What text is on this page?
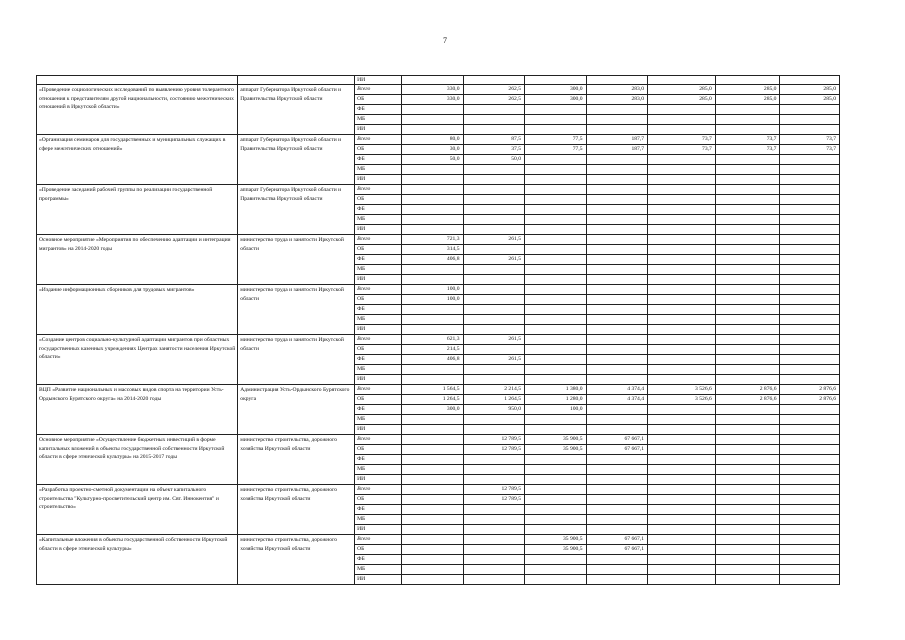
7
		ИИ							
«Проведение социологических исследований по выявлению уровня толерантного отношения к представителям другой национальности, состоянию межэтнических отношений в Иркутской области»	аппарат Губернатора Иркутской области и Правительства Иркутской области	Всего	330,0	262,5	300,0	283,0	285,0	285,0	285,0
		ОБ	330,0	262,5	300,0	283,0	285,0	285,0	285,0
		ФБ							
		МБ							
		ИИ							
«Организация семинаров для государственных и муниципальных служащих в сфере межэтнических отношений»	аппарат Губернатора Иркутской области и Правительства Иркутской области	Всего	80,0	87,5	77,5	187,7	73,7	73,7	73,7
		ОБ	30,0	37,5	77,5	187,7	73,7	73,7	73,7
		ФБ	50,0	50,0					
		МБ							
		ИИ							
«Проведение заседаний рабочей группы по реализации государственной программы»	аппарат Губернатора Иркутской области и Правительства Иркутской области	Всего							
		ОБ							
		ФБ							
		МБ							
		ИИ							
Основное мероприятие «Мероприятия по обеспечению адаптации и интеграции мигрантов» на 2014-2020 годы	министерство труда и занятости Иркутской области	Всего	721,3	261,5					
		ОБ	314,5						
		ФБ	406,8	261,5					
		МБ							
		ИИ							
«Издание информационных сборников для трудовых мигрантов»	министерство труда и занятости Иркутской области	Всего	100,0						
		ОБ	100,0						
		ФБ							
		МБ							
		ИИ							
«Создание центров социально-культурной адаптации мигрантов при областных государственных казенных учреждениях Центрах занятости населения Иркутской области»	министерство труда и занятости Иркутской области	Всего	621,3	261,5					
		ОБ	214,5						
		ФБ	406,8	261,5					
		МБ							
		ИИ							
ВЦП «Развитие национальных и массовых видов спорта на территории Усть-Ордынского Бурятского округа» на 2014-2020 годы	Администрация Усть-Ордынского Бурятского округа	Всего	1 564,5	2 214,5	1 380,0	4 374,4	3 526,6	2 876,6	2 876,6
		ОБ	1 264,5	1 264,5	1 280,0	4 374,4	3 526,6	2 876,6	2 876,6
		ФБ	300,0	950,0	100,0				
		МБ							
		ИИ							
Основное мероприятие «Осуществление бюджетных инвестиций в форме капитальных вложений в объекты государственной собственности Иркутской области в сфере этнической культуры» на 2015-2017 годы	министерство строительства, дорожного хозяйства Иркутской области	Всего		12 789,5	35 900,5	67 667,1			
		ОБ		12 789,5	35 900,5	67 667,1			
		ФБ							
		МБ							
		ИИ							
«Разработка проектно-сметной документации на объект капитального строительства "Культурно-просветительский центр им. Свт. Иннокентия" и строительство»	министерство строительства, дорожного хозяйства Иркутской области	Всего		12 789,5					
		ОБ		12 789,5					
		ФБ							
		МБ							
		ИИ							
«Капитальные вложения в объекты государственной собственности Иркутской области в сфере этнической культуры»	министерство строительства, дорожного хозяйства Иркутской области	Всего			35 900,5	67 667,1			
		ОБ			35 900,5	67 667,1			
		ФБ							
		МБ							
		ИИ							
